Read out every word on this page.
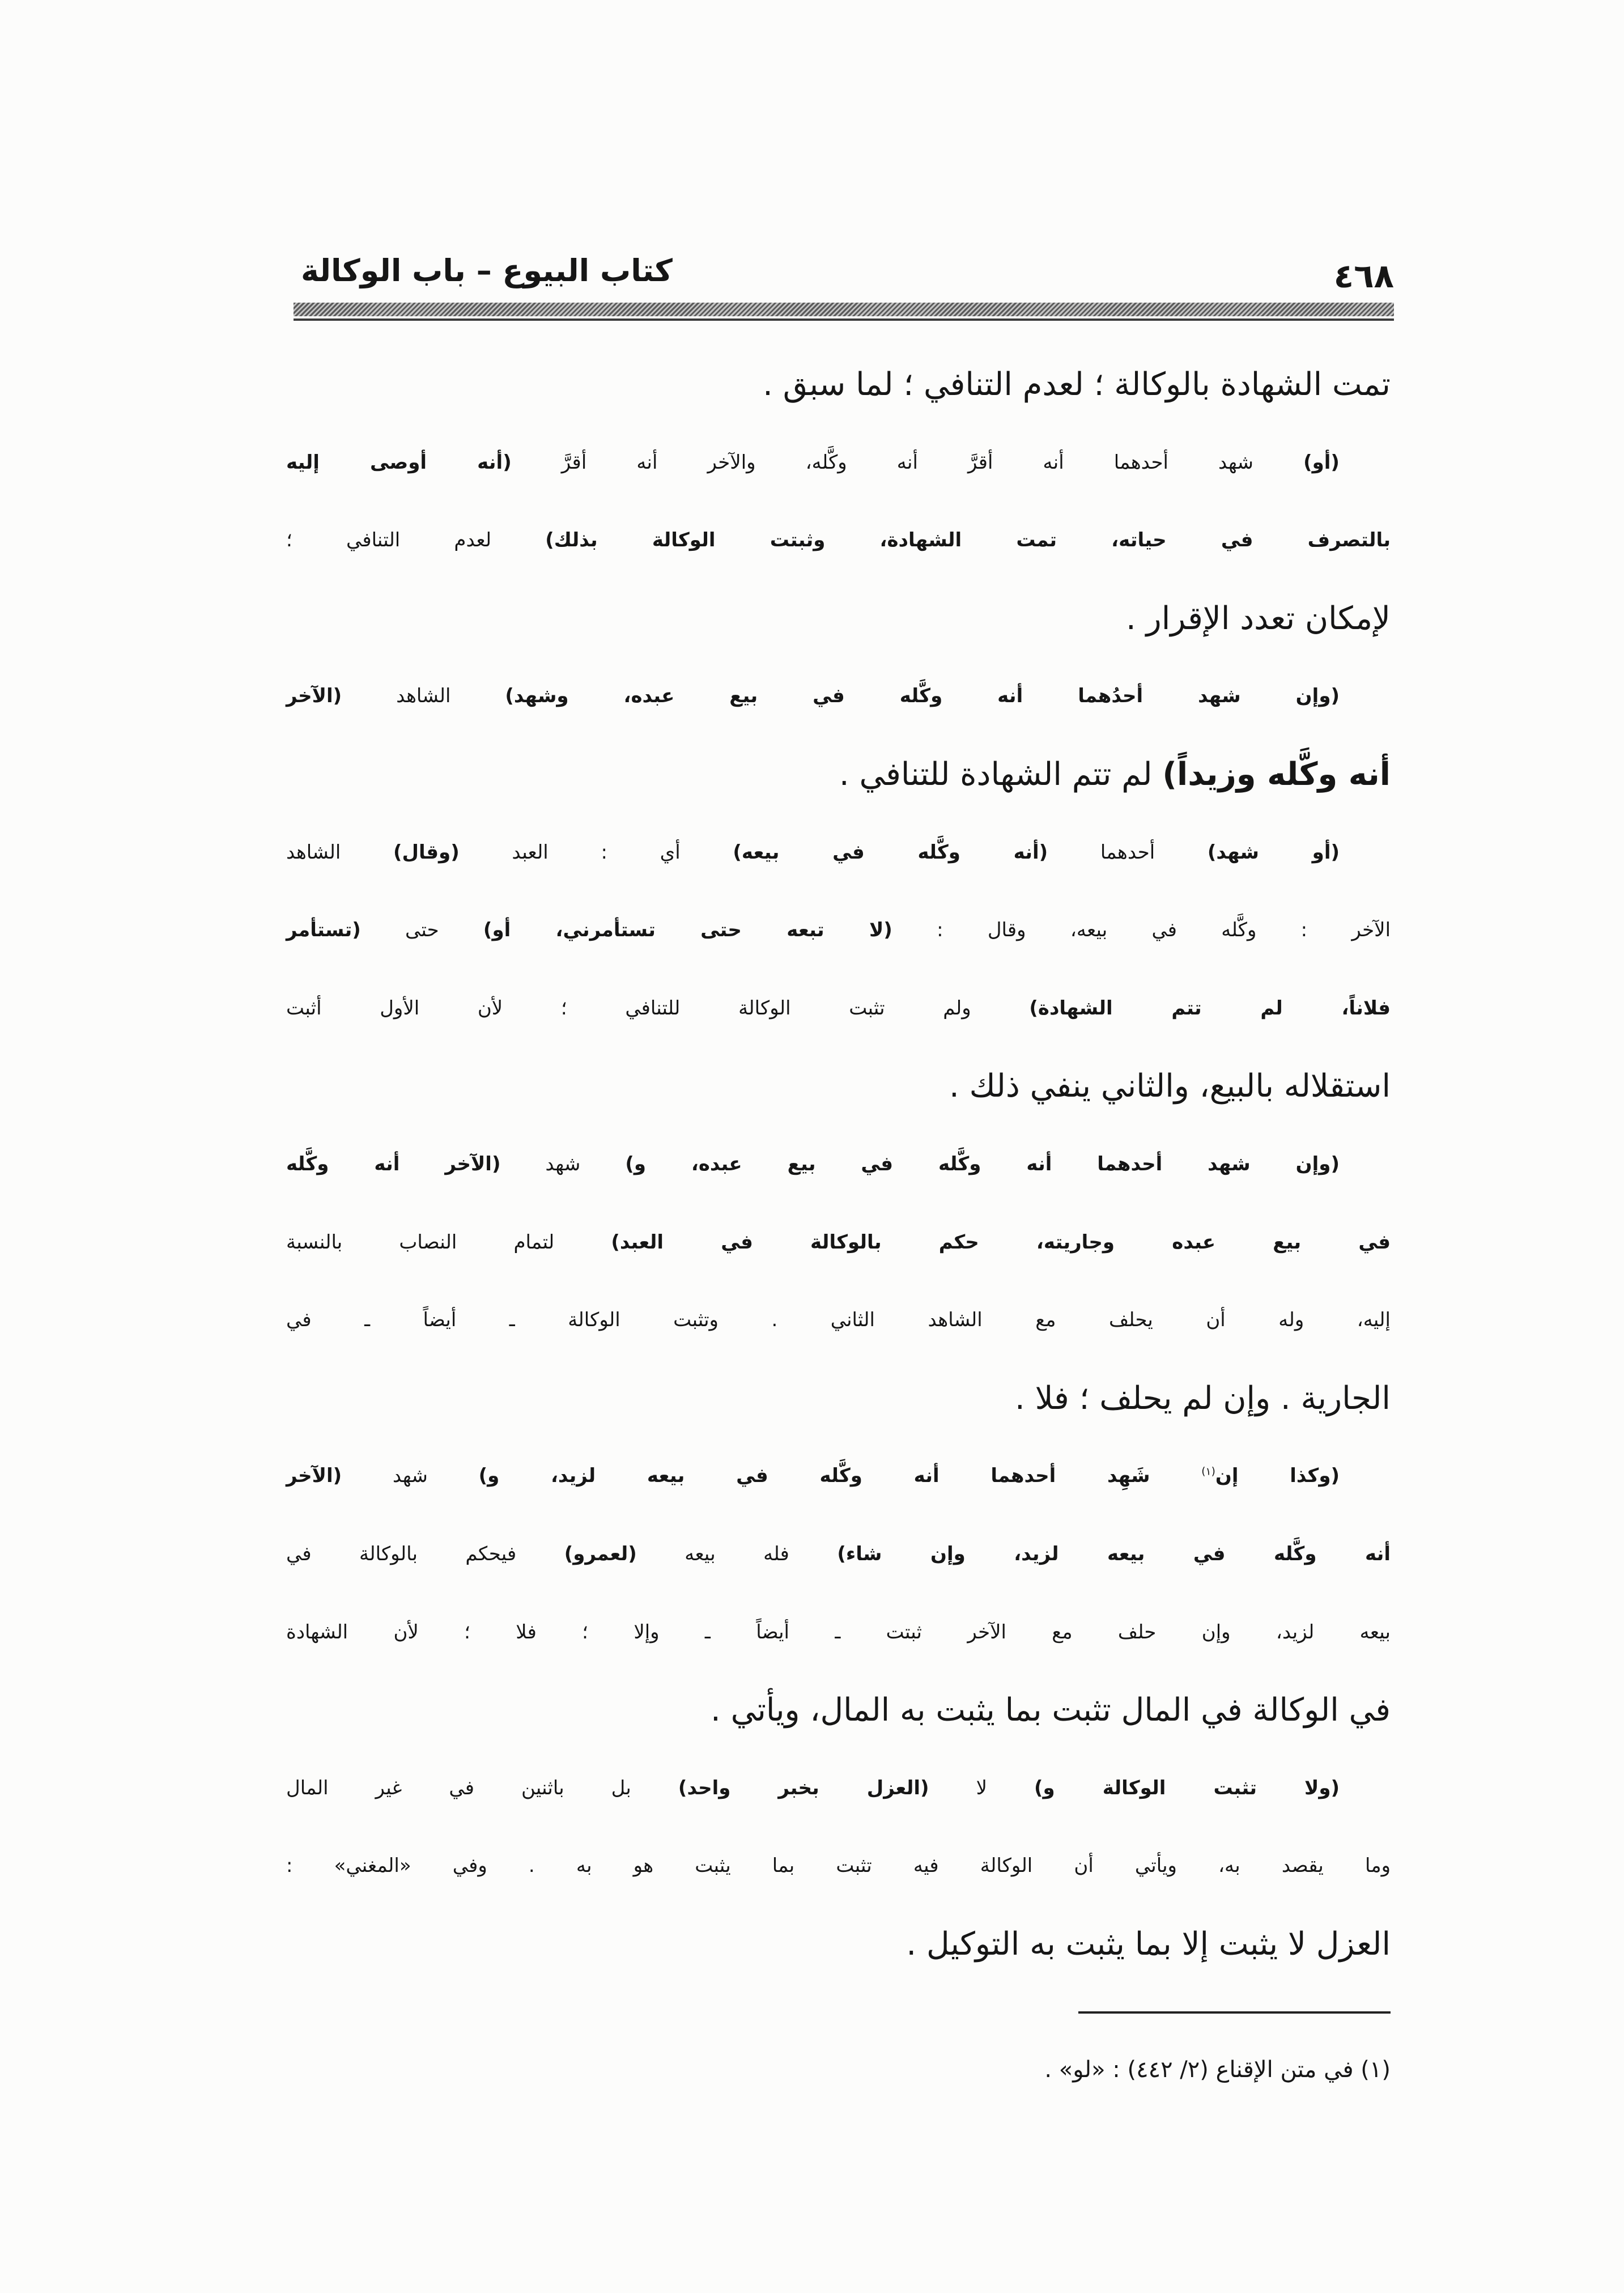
٤٦٨
كتاب البيوع – باب الوكالة
تمت الشهادة بالوكالة ؛ لعدم التنافي ؛ لما سبق .
(أو) شهد أحدهما أنه أقرَّ أنه وكَّله، والآخر أنه أقرَّ (أنه أوصى إليه
بالتصرف في حياته، تمت الشهادة، وثبتت الوكالة بذلك) لعدم التنافي ؛
لإمكان تعدد الإقرار .
(وإن شهد أحدُهما أنه وكَّله في بيع عبده، وشهد) الشاهد (الآخر
أنه وكَّله وزيداً) لم تتم الشهادة للتنافي .
(أو شهد) أحدهما (أنه وكَّله في بيعه) أي : العبد (وقال) الشاهد
الآخر : وكَّله في بيعه، وقال : (لا تبعه حتى تستأمرني، أو) حتى (تستأمر
فلاناً، لم تتم الشهادة) ولم تثبت الوكالة للتنافي ؛ لأن الأول أثبت
استقلاله بالبيع، والثاني ينفي ذلك .
(وإن شهد أحدهما أنه وكَّله في بيع عبده، و) شهد (الآخر أنه وكَّله
في بيع عبده وجاريته، حكم بالوكالة في العبد) لتمام النصاب بالنسبة
إليه، وله أن يحلف مع الشاهد الثاني . وتثبت الوكالة ـ أيضاً ـ في
الجارية . وإن لم يحلف ؛ فلا .
(وكذا إن$^{(١)}$ شَهِد أحدهما أنه وكَّله في بيعه لزيد، و) شهد (الآخر
أنه وكَّله في بيعه لزيد، وإن شاء) فله بيعه (لعمرو) فيحكم بالوكالة في
بيعه لزيد، وإن حلف مع الآخر ثبتت ـ أيضاً ـ وإلا ؛ فلا ؛ لأن الشهادة
في الوكالة في المال تثبت بما يثبت به المال، ويأتي .
(ولا تثبت الوكالة و) لا (العزل بخبر واحد) بل باثنين في غير المال
وما يقصد به، ويأتي أن الوكالة فيه تثبت بما يثبت هو به . وفي «المغني» :
العزل لا يثبت إلا بما يثبت به التوكيل .
(١) في متن الإقناع (٢/ ٤٤٢) : «لو» .
